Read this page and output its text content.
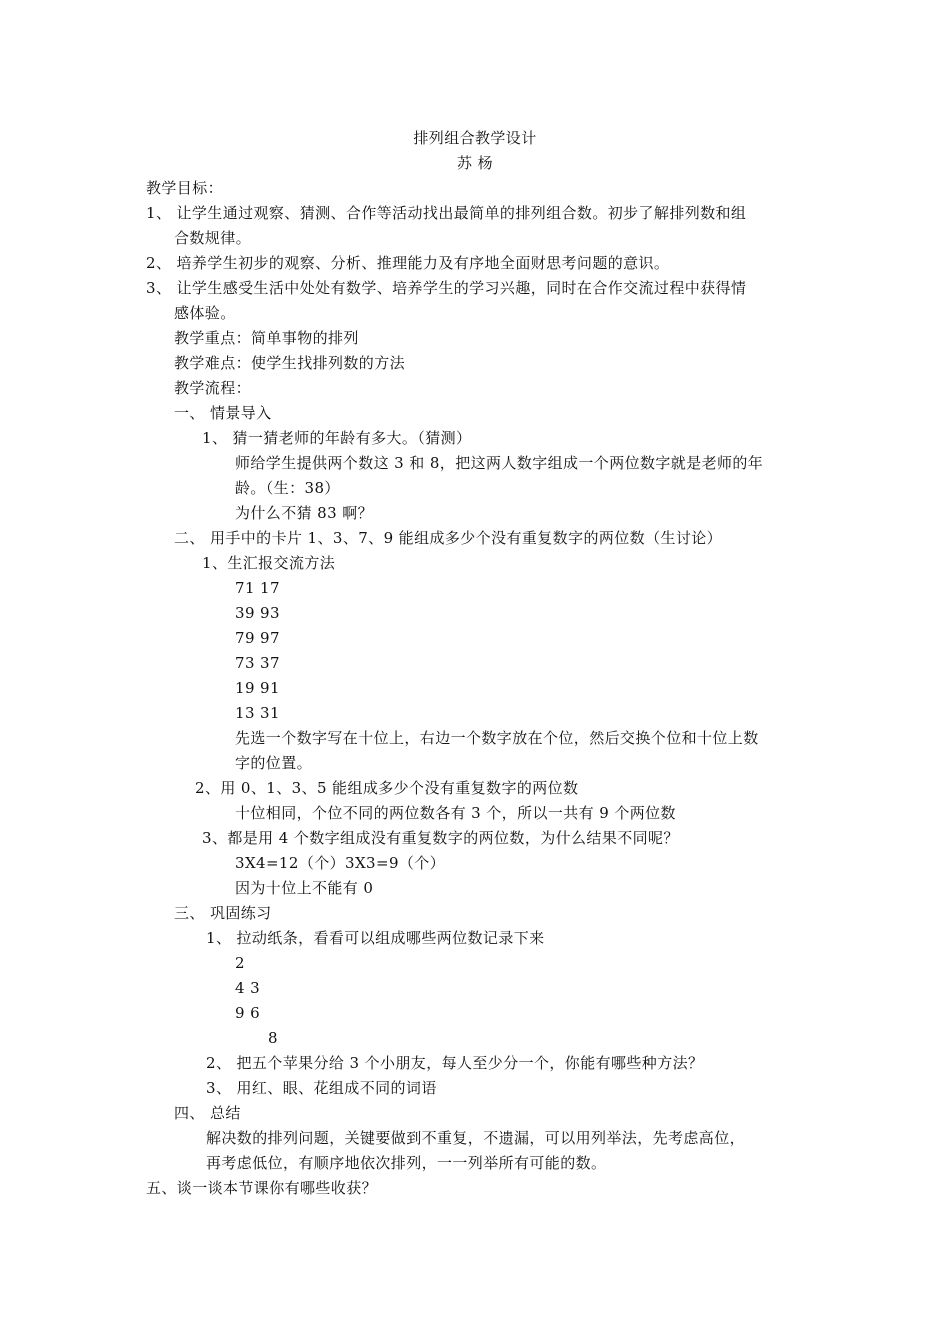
排列组合教学设计

苏 杨

教学目标：

1、 让学生通过观察、猜测、合作等活动找出最简单的排列组合数。初步了解排列数和组

合数规律。

2、 培养学生初步的观察、分析、推理能力及有序地全面财思考问题的意识。

3、 让学生感受生活中处处有数学、培养学生的学习兴趣，同时在合作交流过程中获得情

感体验。

教学重点：简单事物的排列

教学难点：使学生找排列数的方法

教学流程：

一、 情景导入

1、 猜一猜老师的年龄有多大。（猜测）

师给学生提供两个数这 3 和 8，把这两人数字组成一个两位数字就是老师的年

龄。（生：38）

为什么不猜 83 啊？

二、 用手中的卡片 1、3、7、9 能组成多少个没有重复数字的两位数（生讨论）

1、生汇报交流方法

71 17

39 93

79 97

73 37

19 91

13 31

先选一个数字写在十位上，右边一个数字放在个位，然后交换个位和十位上数

字的位置。

2、用 0、1、3、5 能组成多少个没有重复数字的两位数

十位相同，个位不同的两位数各有 3 个，所以一共有 9 个两位数

3、都是用 4 个数字组成没有重复数字的两位数，为什么结果不同呢？

3X4=12（个）3X3=9（个）

因为十位上不能有 0

三、 巩固练习

1、 拉动纸条，看看可以组成哪些两位数记录下来

2

4 3

9 6

8

2、 把五个苹果分给 3 个小朋友，每人至少分一个，你能有哪些种方法？

3、 用红、眼、花组成不同的词语

四、 总结

解决数的排列问题，关键要做到不重复，不遗漏，可以用列举法，先考虑高位，

再考虑低位，有顺序地依次排列，一一列举所有可能的数。

五、谈一谈本节课你有哪些收获？
